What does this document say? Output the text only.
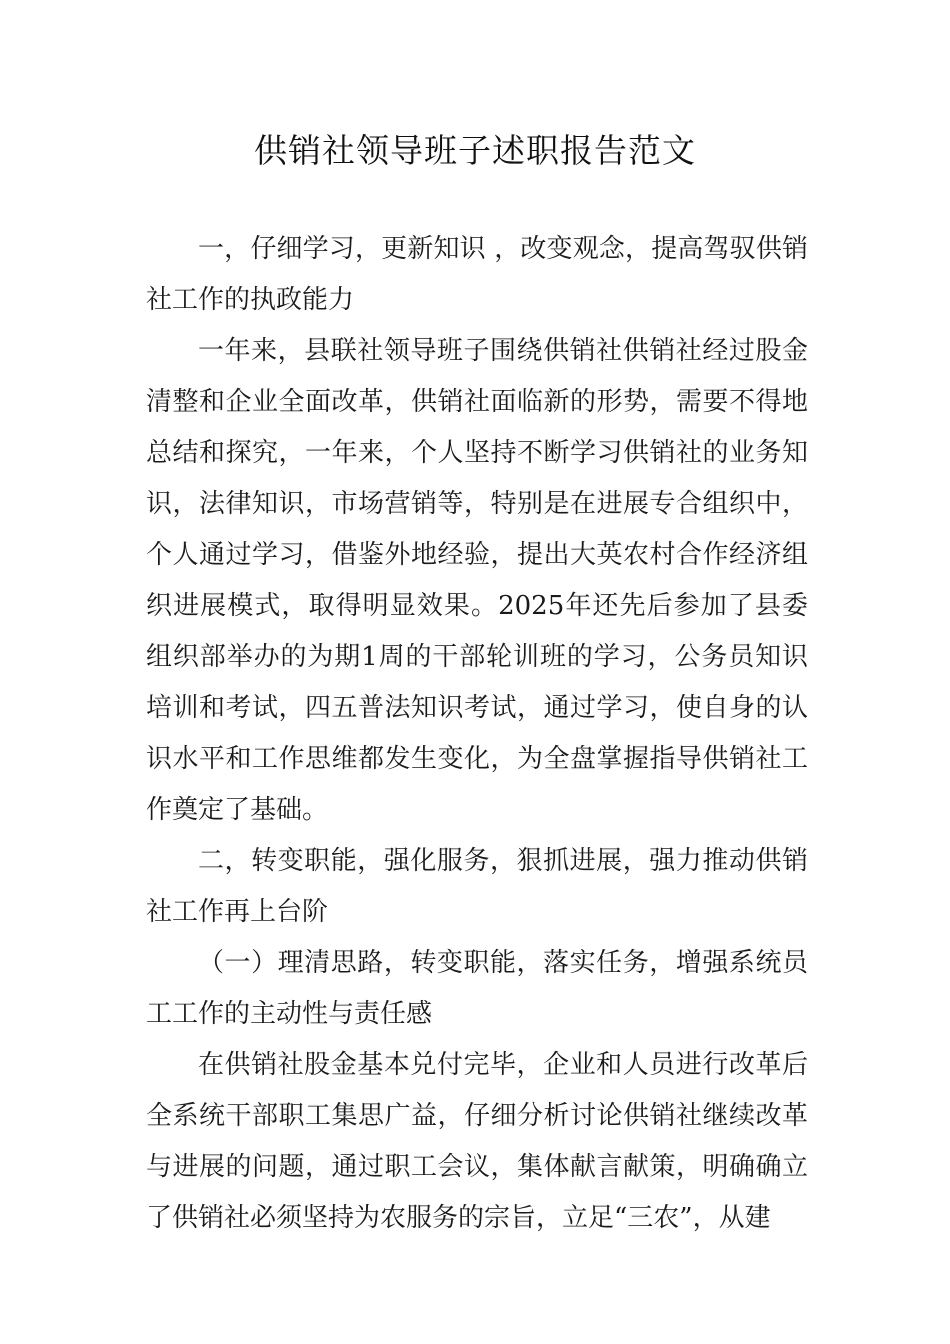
供销社领导班子述职报告范文

一，仔细学习，更新知识 ，改变观念，提高驾驭供销社工作的执政能力

一年来，县联社领导班子围绕供销社供销社经过股金清整和企业全面改革，供销社面临新的形势，需要不得地总结和探究，一年来，个人坚持不断学习供销社的业务知识，法律知识，市场营销等，特别是在进展专合组织中，个人通过学习，借鉴外地经验，提出大英农村合作经济组织进展模式，取得明显效果。2025年还先后参加了县委组织部举办的为期1周的干部轮训班的学习，公务员知识培训和考试，四五普法知识考试，通过学习，使自身的认识水平和工作思维都发生变化，为全盘掌握指导供销社工作奠定了基础。

二，转变职能，强化服务，狠抓进展，强力推动供销社工作再上台阶

（一）理清思路，转变职能，落实任务，增强系统员工工作的主动性与责任感

在供销社股金基本兑付完毕，企业和人员进行改革后全系统干部职工集思广益，仔细分析讨论供销社继续改革与进展的问题，通过职工会议，集体献言献策，明确确立了供销社必须坚持为农服务的宗旨，立足“三农”，从建
